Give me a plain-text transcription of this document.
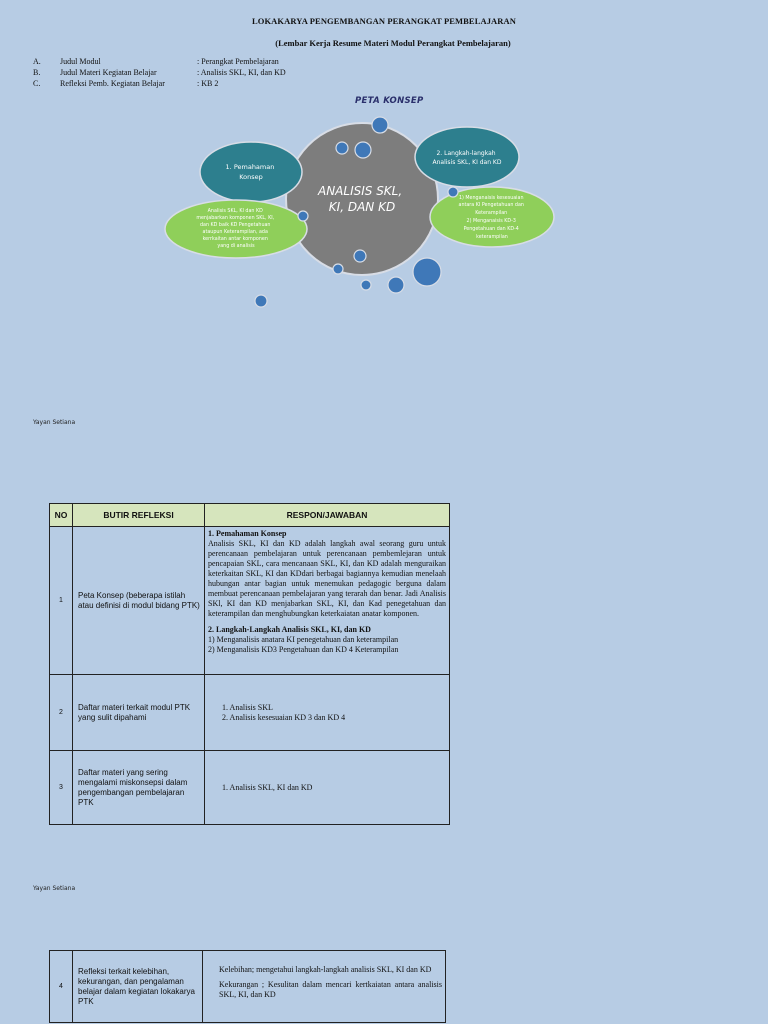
LOKAKARYA PENGEMBANGAN PERANGKAT PEMBELAJARAN
(Lembar Kerja Resume Materi Modul Perangkat Pembelajaran)
A.	Judul Modul	: Perangkat Pembelajaran
B.	Judul Materi Kegiatan Belajar	: Analisis SKL, KI, dan KD
C.	Refleksi Pemb. Kegiatan Belajar	: KB 2
PETA KONSEP
ANALISIS SKL, KI, DAN KD
1. Pemahaman Konsep
2. Langkah-langkah Analisis SKL, KI dan KD
Analisis SKL, KI dan KD menjabarkan komponen SKL, KI, dan KD baik KD Pengetahuan ataupun Keterampilan, ada kerrkaitan antar komponen yang di analisis
1) Menganaisis kesesuaian antara KI Pengetahuan dan Keterampilan 2) Menganaisis KD-3 Pengetahuan dan KD-4 keterampilan
Yayan Setiana
NO	BUTIR REFLEKSI	RESPON/JAWABAN
1	Peta Konsep (beberapa istilah atau definisi di modul bidang PTK)	1. Pemahaman Konsep

Analisis SKL, KI dan KD adalah langkah awal seorang guru untuk perencanaan pembelajaran untuk perencanaan pembemlejaran untuk pencapaian SKL, cara mencanaan SKL, KI, dan KD adalah menguraikan keterkaitan SKL, KI dan KDdari berbagai bagiannya kemudian menelaah hubungan antar bagian untuk menemukan pedagogic berguna dalam membuat perencanaan pembelajaran yang terarah dan benar. Jadi Analisis SKl, KI dan KD menjabarkan SKL, KI, dan Kad penegetahuan dan keterampilan dan menghubungkan keterkaiatan anatar komponen.

2. Langkah-Langkah Analisis SKL, KI, dan KD

1) Menganalisis anatara KI penegetahuan dan keterampilan

2) Menganalisis KD3 Pengetahuan dan KD 4 Keterampilan

2	Daftar materi terkait modul PTK yang sulit dipahami	1. Analisis SKL

2. Analisis kesesuaian KD 3 dan KD 4

3	Daftar materi yang sering mengalami miskonsepsi dalam pengembangan pembelajaran PTK	1. Analisis SKL, KI dan KD

Yayan Setiana
4	Refleksi terkait kelebihan, kekurangan, dan pengalaman belajar dalam kegiatan lokakarya PTK	

Kelebihan; mengetahui langkah-langkah analisis SKL, KI dan KD

Kekurangan ; Kesulitan dalam mencari kertkaiatan antara analisis SKL, KI, dan KD
